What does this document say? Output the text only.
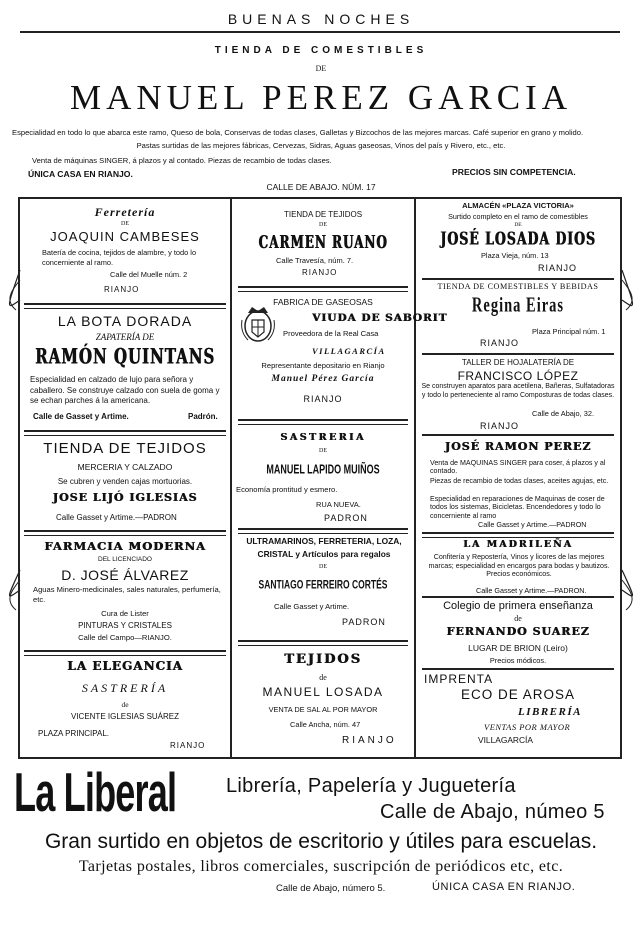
BUENAS NOCHES
TIENDA DE COMESTIBLES
DE
MANUEL PEREZ GARCIA
Especialidad en todo lo que abarca este ramo, Queso de bola, Conservas de todas clases, Galletas y Bizcochos de las mejores marcas. Café superior en grano y molido.
Pastas surtidas de las mejores fábricas, Cervezas, Sidras, Aguas gaseosas, Vinos del país y Rivero, etc., etc.
Venta de máquinas SINGER, á plazos y al contado. Piezas de recambio de todas clases.
ÚNICA CASA EN RIANJO.	PRECIOS SIN COMPETENCIA.
CALLE DE ABAJO. NÚM. 17
Ferretería
DE
JOAQUIN CAMBESES
Batería de cocina, tejidos de alambre, y todo lo concerniente al ramo.
Calle del Muelle núm. 2
RIANJO
LA BOTA DORADA
ZAPATERÍA DE
RAMÓN QUINTANS
Especialidad en calzado de lujo para señora y caballero. Se construye calzado con suela de goma y se echan parches á la americana.
Calle de Gasset y Artime.	Padrón.
TIENDA DE TEJIDOS
MERCERIA Y CALZADO
Se cubren y venden cajas mortuorias.
JOSE LIJÓ IGLESIAS
Calle Gasset y Artime.—PADRON
FARMACIA MODERNA
DEL LICENCIADO
D. JOSÉ ÁLVAREZ
Aguas Minero-medicinales, sales naturales, perfumería, etc.
Cura de Lister
PINTURAS Y CRISTALES
Calle del Campo—RIANJO.
LA ELEGANCIA
SASTRERÍA
de
VICENTE IGLESIAS SUÁREZ
PLAZA PRINCIPAL.
RIANJO
TIENDA DE TEJIDOS
DE
CARMEN RUANO
Calle Travesía, núm. 7.
RIANJO
FABRICA DE GASEOSAS
VIUDA DE SABORIT
Proveedora de la Real Casa
VILLAGARCÍA
Representante depositario en Rianjo
Manuel Pérez García
RIANJO
SASTRERIA
DE
MANUEL LAPIDO MUIÑOS
Economía prontitud y esmero.
RUA NUEVA.
PADRON
ULTRAMARINOS, FERRETERIA, LOZA, CRISTAL y Artículos para regalos
DE
SANTIAGO FERREIRO CORTÉS
Calle Gasset y Artime.
PADRON
TEJIDOS
de
MANUEL LOSADA
VENTA DE SAL AL POR MAYOR
Calle Ancha, núm. 47
RIANJO
ALMACÉN «PLAZA VICTORIA»
Surtido completo en el ramo de comestibles
DE
JOSÉ LOSADA DIOS
Plaza Vieja, núm. 13
RIANJO
TIENDA DE COMESTIBLES Y BEBIDAS
Regina Eiras
Plaza Principal núm. 1
RIANJO
TALLER DE HOJALATERÍA DE
FRANCISCO LÓPEZ
Se construyen aparatos para acetilena, Bañeras, Sulfatadoras y todo lo perteneciente al ramo Composturas de todas clases.
Calle de Abajo, 32.
RIANJO
JOSÉ RAMON PEREZ
Venta de MAQUINAS SINGER para coser, á plazos y al contado.
Piezas de recambio de todas clases, aceites agujas, etc.
Especialidad en reparaciones de Maquinas de coser de todos los sistemas, Bicicletas. Encendedores y todo lo concerniente al ramo
Calle Gasset y Artime.—PADRON
LA MADRILEÑA
Confitería y Repostería, Vinos y licores de las mejores marcas; especialidad en encargos para bodas y bautizos. Precios económicos.
Calle Gasset y Artime.—PADRON.
Colegio de primera enseñanza
de
FERNANDO SUAREZ
LUGAR DE BRION (Leiro)
Precios módicos.
IMPRENTA
ECO DE AROSA
LIBRERÍA
VENTAS POR MAYOR
VILLAGARCÍA
La Liberal	Librería, Papelería y Juguetería
Calle de Abajo, númeo 5
Gran surtido en objetos de escritorio y útiles para escuelas.
Tarjetas postales, libros comerciales, suscripción de periódicos etc, etc.
Calle de Abajo, número 5.	ÚNICA CASA EN RIANJO.
